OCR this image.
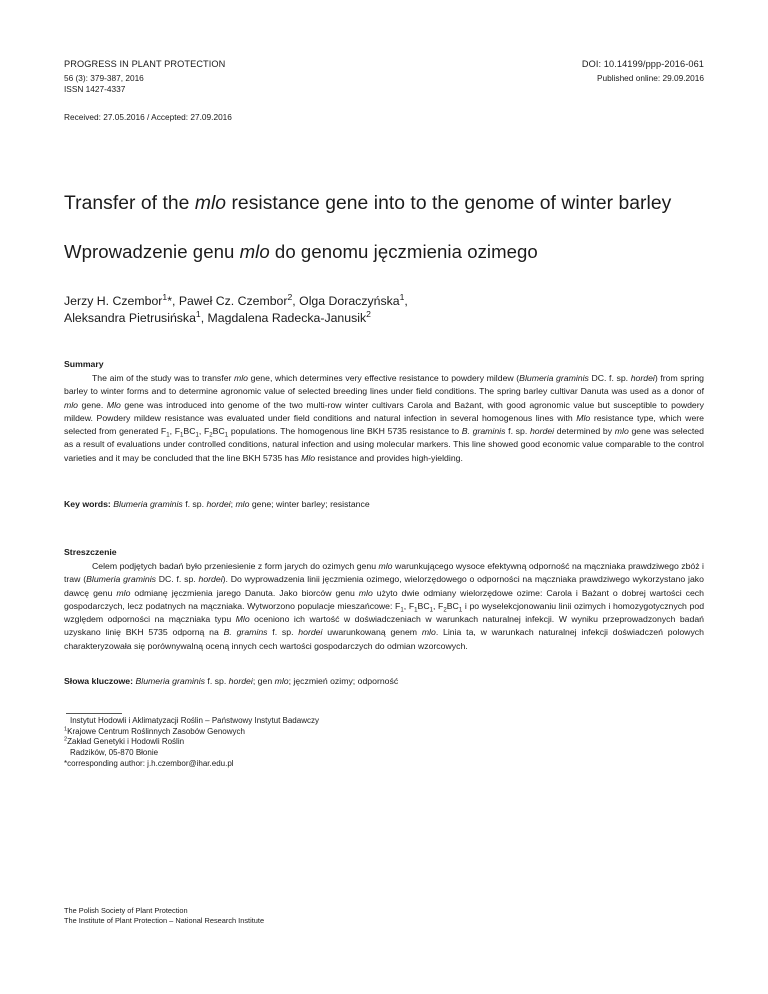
PROGRESS IN PLANT PROTECTION
56 (3): 379-387, 2016
ISSN 1427-4337
DOI: 10.14199/ppp-2016-061
Published online: 29.09.2016
Received: 27.05.2016 / Accepted: 27.09.2016
Transfer of the mlo resistance gene into to the genome of winter barley
Wprowadzenie genu mlo do genomu jęczmienia ozimego
Jerzy H. Czembor$^1$*, Paweł Cz. Czembor$^2$, Olga Doraczyńska$^1$,
Aleksandra Pietrusińska$^1$, Magdalena Radecka-Janusik$^2$
Summary
The aim of the study was to transfer mlo gene, which determines very effective resistance to powdery mildew (Blumeria graminis DC. f. sp. hordei) from spring barley to winter forms and to determine agronomic value of selected breeding lines under field conditions. The spring barley cultivar Danuta was used as a donor of mlo gene. Mlo gene was introduced into genome of the two multi-row winter cultivars Carola and Bażant, with good agronomic value but susceptible to powdery mildew. Powdery mildew resistance was evaluated under field conditions and natural infection in several homogenous lines with Mlo resistance type, which were selected from generated $F_1$, $F_1BC_1$, $F_2BC_1$ populations. The homogenous line BKH 5735 resistance to B. graminis f. sp. hordei determined by mlo gene was selected as a result of evaluations under controlled conditions, natural infection and using molecular markers. This line showed good economic value comparable to the control varieties and it may be concluded that the line BKH 5735 has Mlo resistance and provides high-yielding.
Key words: Blumeria graminis f. sp. hordei; mlo gene; winter barley; resistance
Streszczenie
Celem podjętych badań było przeniesienie z form jarych do ozimych genu mlo warunkującego wysoce efektywną odporność na mączniaka prawdziwego zbóż i traw (Blumeria graminis DC. f. sp. hordei). Do wyprowadzenia linii jęczmienia ozimego, wielorzędowego o odporności na mączniaka prawdziwego wykorzystano jako dawcę genu mlo odmianę jęczmienia jarego Danuta. Jako biorców genu mlo użyto dwie odmiany wielorzędowe ozime: Carola i Bażant o dobrej wartości cech gospodarczych, lecz podatnych na mączniaka. Wytworzono populacje mieszańcowe: $F_1$, $F_1BC_1$, $F_2BC_1$ i po wyselekcjonowaniu linii ozimych i homozygotycznych pod względem odporności na mączniaka typu Mlo oceniono ich wartość w doświadczeniach w warunkach naturalnej infekcji. W wyniku przeprowadzonych badań uzyskano linię BKH 5735 odporną na B. gramins f. sp. hordei uwarunkowaną genem mlo. Linia ta, w warunkach naturalnej infekcji doświadczeń polowych charakteryzowała się porównywalną oceną innych cech wartości gospodarczych do odmian wzorcowych.
Słowa kluczowe: Blumeria graminis f. sp. hordei; gen mlo; jęczmień ozimy; odporność
Instytut Hodowli i Aklimatyzacji Roślin – Państwowy Instytut Badawczy
$^1$Krajowe Centrum Roślinnych Zasobów Genowych
$^2$Zakład Genetyki i Hodowli Roślin
Radzików, 05-870 Błonie
*corresponding author: j.h.czembor@ihar.edu.pl
The Polish Society of Plant Protection
The Institute of Plant Protection – National Research Institute
